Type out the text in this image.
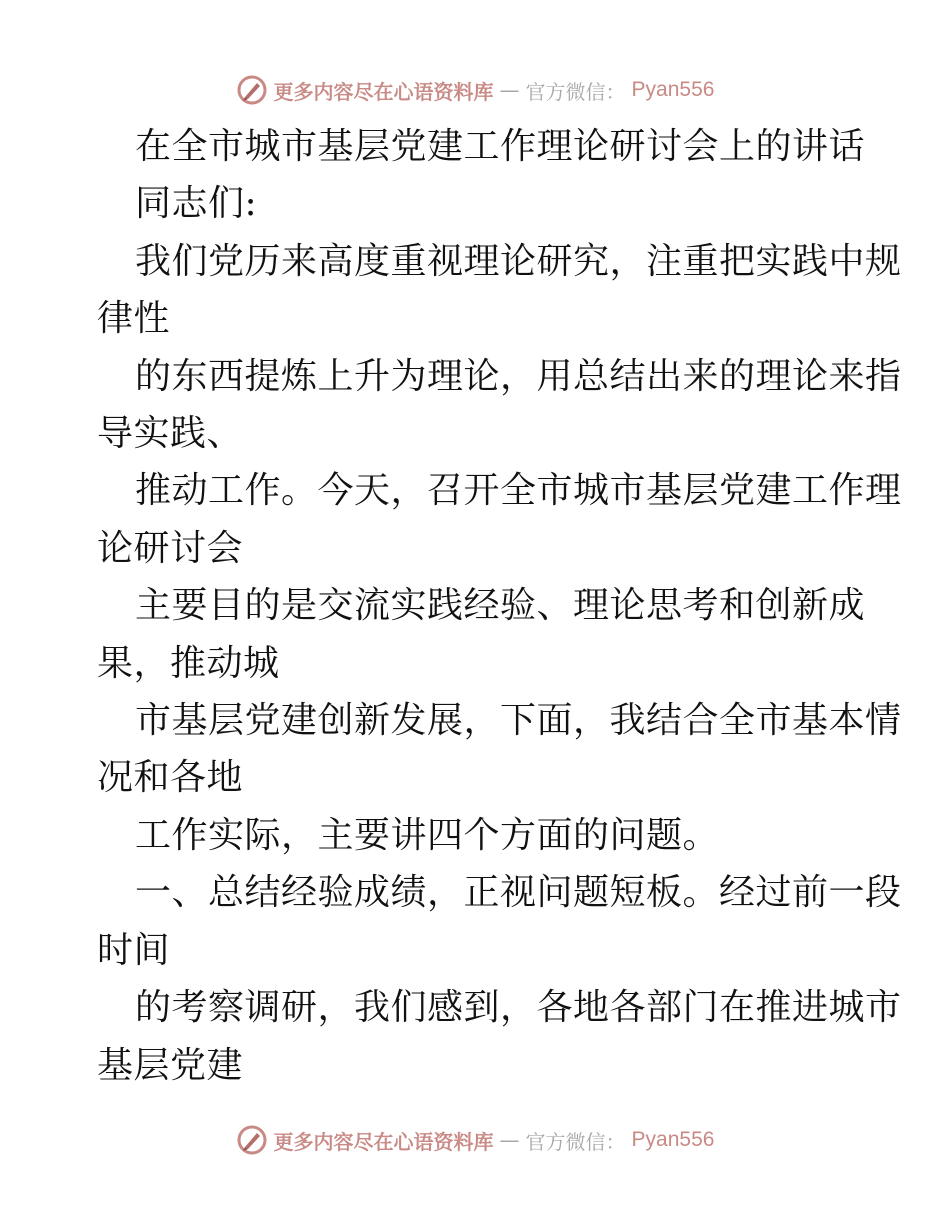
更多内容尽在心语资料库 — 官方微信： Pyan556
在全市城市基层党建工作理论研讨会上的讲话
同志们:
我们党历来高度重视理论研究，注重把实践中规
律性
的东西提炼上升为理论，用总结出来的理论来指
导实践、
推动工作。今天，召开全市城市基层党建工作理
论研讨会
主要目的是交流实践经验、理论思考和创新成
果，推动城
市基层党建创新发展，下面，我结合全市基本情
况和各地
工作实际，主要讲四个方面的问题。
一、总结经验成绩，正视问题短板。经过前一段
时间
的考察调研，我们感到，各地各部门在推进城市
基层党建
更多内容尽在心语资料库 — 官方微信： Pyan556
